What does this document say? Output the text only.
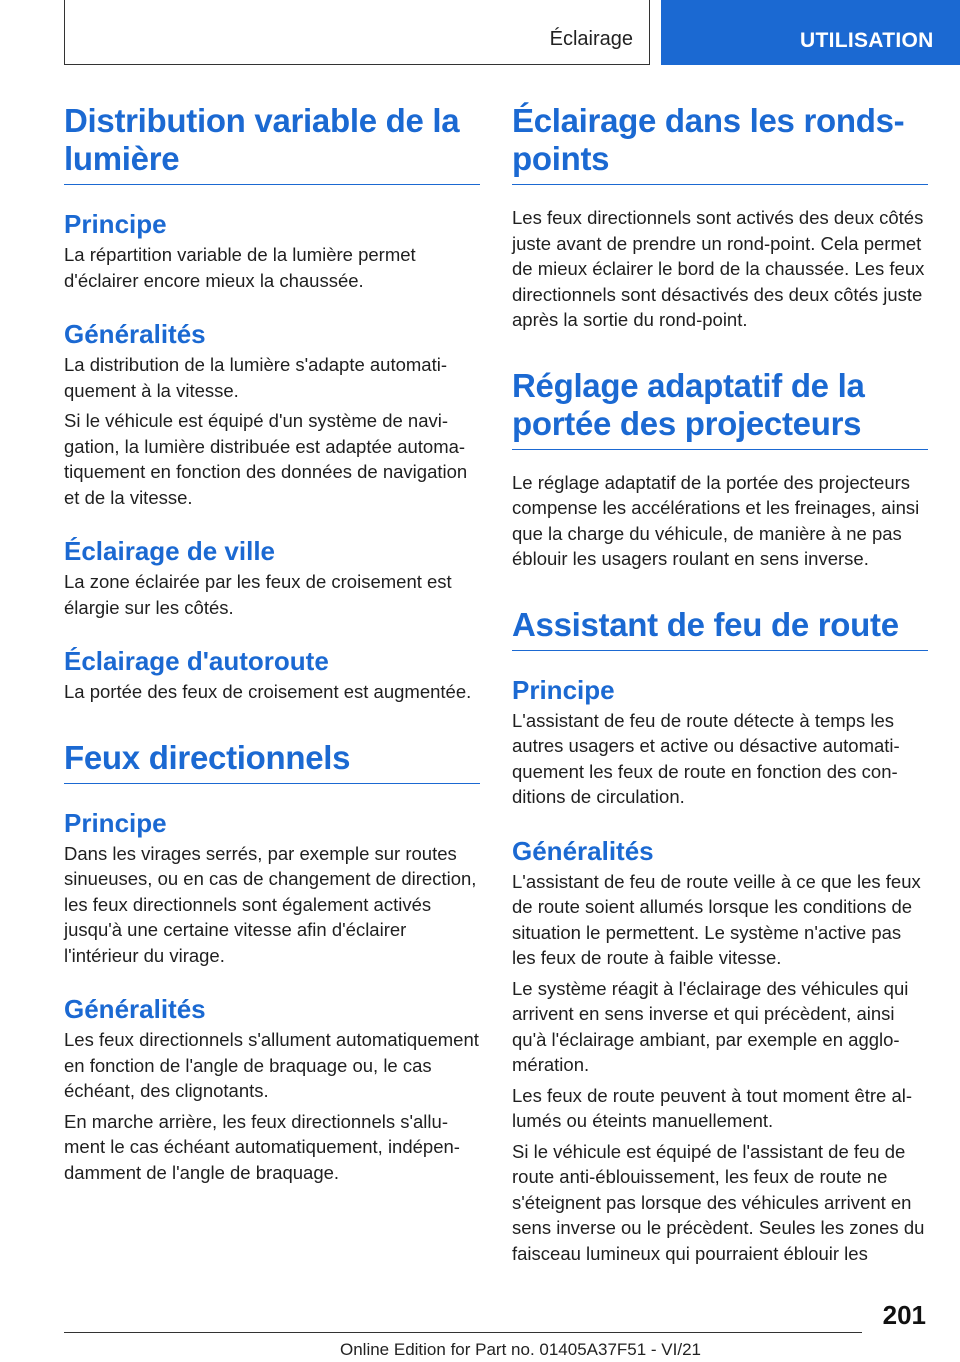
Éclairage	UTILISATION
Distribution variable de la lumière
Principe
La répartition variable de la lumière permet d'éclairer encore mieux la chaussée.
Généralités
La distribution de la lumière s'adapte automatiquement à la vitesse.
Si le véhicule est équipé d'un système de navigation, la lumière distribuée est adaptée automatiquement en fonction des données de navigation et de la vitesse.
Éclairage de ville
La zone éclairée par les feux de croisement est élargie sur les côtés.
Éclairage d'autoroute
La portée des feux de croisement est augmentée.
Feux directionnels
Principe
Dans les virages serrés, par exemple sur routes sinueuses, ou en cas de changement de direction, les feux directionnels sont également activés jusqu'à une certaine vitesse afin d'éclairer l'intérieur du virage.
Généralités
Les feux directionnels s'allument automatiquement en fonction de l'angle de braquage ou, le cas échéant, des clignotants.
En marche arrière, les feux directionnels s'allument le cas échéant automatiquement, indépendamment de l'angle de braquage.
Éclairage dans les ronds-points
Les feux directionnels sont activés des deux côtés juste avant de prendre un rond-point. Cela permet de mieux éclairer le bord de la chaussée. Les feux directionnels sont désactivés des deux côtés juste après la sortie du rond-point.
Réglage adaptatif de la portée des projecteurs
Le réglage adaptatif de la portée des projecteurs compense les accélérations et les freinages, ainsi que la charge du véhicule, de manière à ne pas éblouir les usagers roulant en sens inverse.
Assistant de feu de route
Principe
L'assistant de feu de route détecte à temps les autres usagers et active ou désactive automatiquement les feux de route en fonction des conditions de circulation.
Généralités
L'assistant de feu de route veille à ce que les feux de route soient allumés lorsque les conditions de situation le permettent. Le système n'active pas les feux de route à faible vitesse.
Le système réagit à l'éclairage des véhicules qui arrivent en sens inverse et qui précèdent, ainsi qu'à l'éclairage ambiant, par exemple en agglomération.
Les feux de route peuvent à tout moment être allumés ou éteints manuellement.
Si le véhicule est équipé de l'assistant de feu de route anti-éblouissement, les feux de route ne s'éteignent pas lorsque des véhicules arrivent en sens inverse ou le précèdent. Seules les zones du faisceau lumineux qui pourraient éblouir les
201
Online Edition for Part no. 01405A37F51 - VI/21
